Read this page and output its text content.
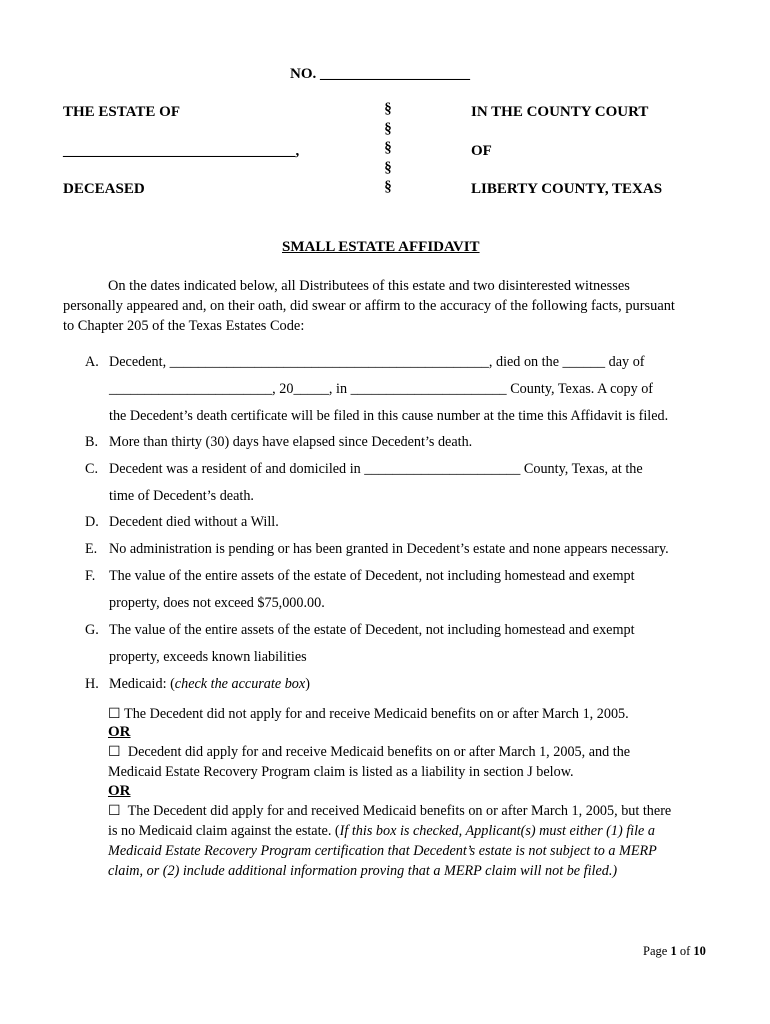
NO. ____________________
THE ESTATE OF
_______________________________,
DECEASED
§
§
§
§
§
IN THE COUNTY COURT
OF
LIBERTY COUNTY, TEXAS
SMALL ESTATE AFFIDAVIT
On the dates indicated below, all Distributees of this estate and two disinterested witnesses
personally appeared and, on their oath, did swear or affirm to the accuracy of the following facts, pursuant
to Chapter 205 of the Texas Estates Code:
A. Decedent, _____________________________________________, died on the ______ day of
_______________________, 20_____, in ______________________ County, Texas. A copy of
the Decedent’s death certificate will be filed in this cause number at the time this Affidavit is filed.
B. More than thirty (30) days have elapsed since Decedent’s death.
C. Decedent was a resident of and domiciled in ______________________ County, Texas, at the
time of Decedent’s death.
D. Decedent died without a Will.
E. No administration is pending or has been granted in Decedent’s estate and none appears necessary.
F. The value of the entire assets of the estate of Decedent, not including homestead and exempt
property, does not exceed $75,000.00.
G. The value of the entire assets of the estate of Decedent, not including homestead and exempt
property, exceeds known liabilities
H. Medicaid: (check the accurate box)
☐ The Decedent did not apply for and receive Medicaid benefits on or after March 1, 2005.
OR
☐ Decedent did apply for and receive Medicaid benefits on or after March 1, 2005, and the
Medicaid Estate Recovery Program claim is listed as a liability in section J below.
OR
☐ The Decedent did apply for and received Medicaid benefits on or after March 1, 2005, but there
is no Medicaid claim against the estate. (If this box is checked, Applicant(s) must either (1) file a
Medicaid Estate Recovery Program certification that Decedent’s estate is not subject to a MERP
claim, or (2) include additional information proving that a MERP claim will not be filed.)
Page 1 of 10
